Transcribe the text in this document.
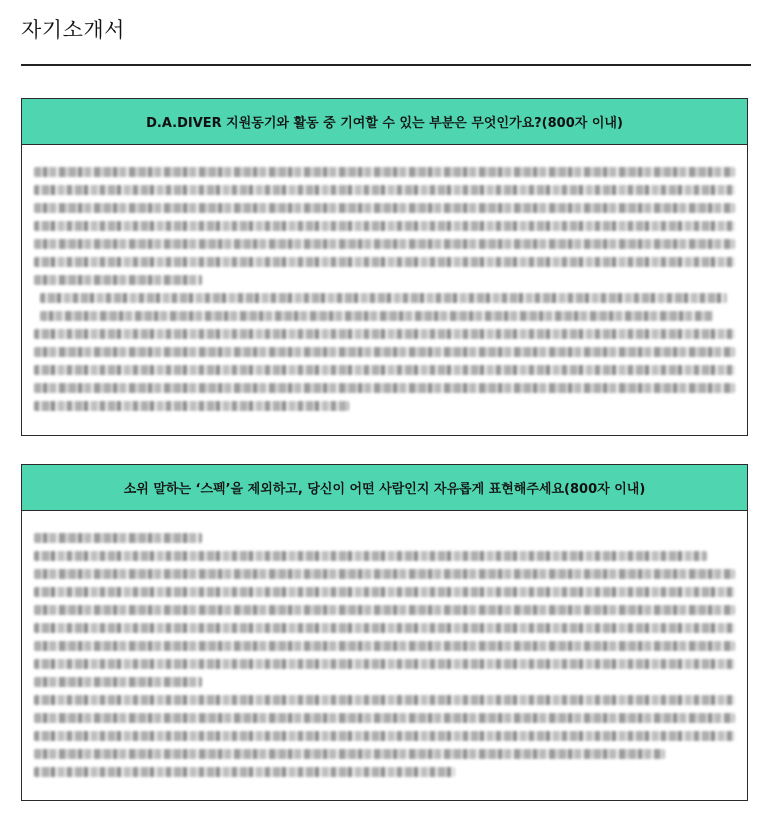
자기소개서
D.A.DIVER 지원동기와 활동 중 기여할 수 있는 부분은 무엇인가요?(800자 이내)
소위 말하는 ‘스펙’을 제외하고, 당신이 어떤 사람인지 자유롭게 표현해주세요(800자 이내)
